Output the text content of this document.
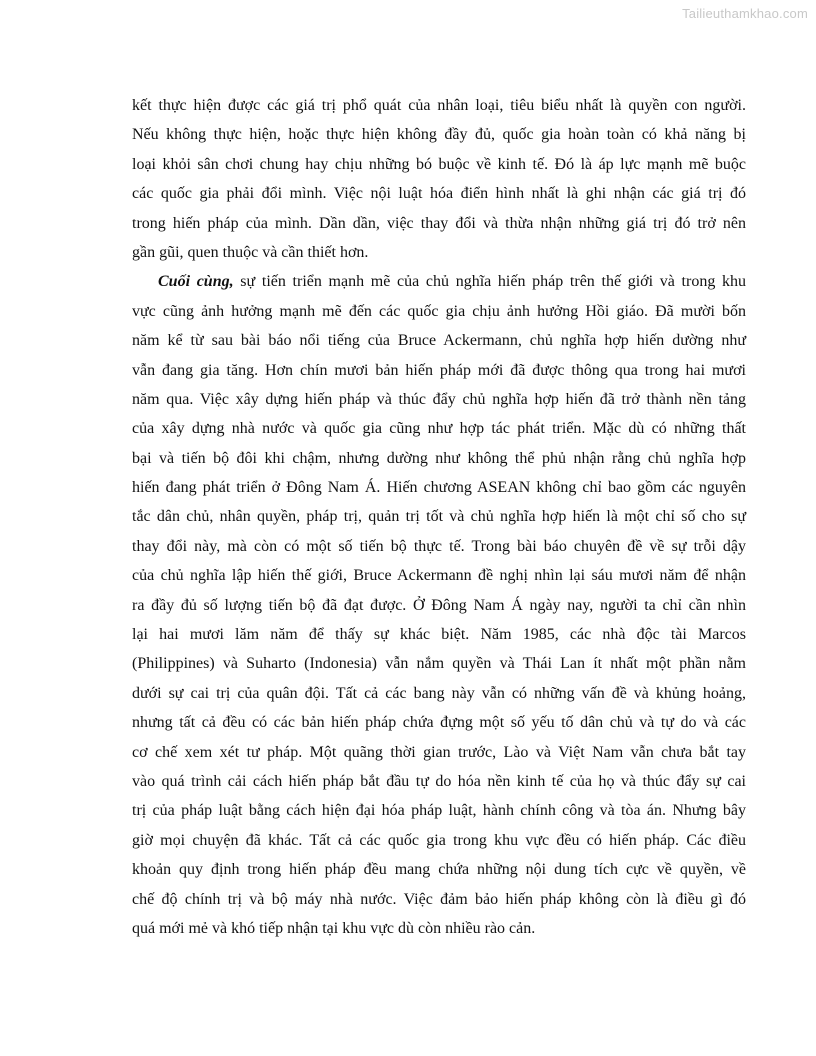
Tailieuthamkhao.com
kết thực hiện được các giá trị phổ quát của nhân loại, tiêu biểu nhất là quyền con người.
Nếu không thực hiện, hoặc thực hiện không đầy đủ, quốc gia hoàn toàn có khả năng bị
loại khỏi sân chơi chung hay chịu những bó buộc về kinh tế. Đó là áp lực mạnh mẽ buộc
các quốc gia phải đổi mình. Việc nội luật hóa điển hình nhất là ghi nhận các giá trị đó
trong hiến pháp của mình. Dần dần, việc thay đổi và thừa nhận những giá trị đó trở nên
gần gũi, quen thuộc và cần thiết hơn.
Cuối cùng, sự tiến triển mạnh mẽ của chủ nghĩa hiến pháp trên thế giới và trong khu
vực cũng ảnh hưởng mạnh mẽ đến các quốc gia chịu ảnh hưởng Hồi giáo. Đã mười bốn
năm kể từ sau bài báo nổi tiếng của Bruce Ackermann, chủ nghĩa hợp hiến dường như
vẫn đang gia tăng. Hơn chín mươi bản hiến pháp mới đã được thông qua trong hai mươi
năm qua. Việc xây dựng hiến pháp và thúc đẩy chủ nghĩa hợp hiến đã trở thành nền tảng
của xây dựng nhà nước và quốc gia cũng như hợp tác phát triển. Mặc dù có những thất
bại và tiến bộ đôi khi chậm, nhưng dường như không thể phủ nhận rằng chủ nghĩa hợp
hiến đang phát triển ở Đông Nam Á. Hiến chương ASEAN không chỉ bao gồm các nguyên
tắc dân chủ, nhân quyền, pháp trị, quản trị tốt và chủ nghĩa hợp hiến là một chỉ số cho sự
thay đổi này, mà còn có một số tiến bộ thực tế. Trong bài báo chuyên đề về sự trỗi dậy
của chủ nghĩa lập hiến thế giới, Bruce Ackermann đề nghị nhìn lại sáu mươi năm để nhận
ra đầy đủ số lượng tiến bộ đã đạt được. Ở Đông Nam Á ngày nay, người ta chỉ cần nhìn
lại hai mươi lăm năm để thấy sự khác biệt. Năm 1985, các nhà độc tài Marcos
(Philippines) và Suharto (Indonesia) vẫn nắm quyền và Thái Lan ít nhất một phần nằm
dưới sự cai trị của quân đội. Tất cả các bang này vẫn có những vấn đề và khủng hoảng,
nhưng tất cả đều có các bản hiến pháp chứa đựng một số yếu tố dân chủ và tự do và các
cơ chế xem xét tư pháp. Một quãng thời gian trước, Lào và Việt Nam vẫn chưa bắt tay
vào quá trình cải cách hiến pháp bắt đầu tự do hóa nền kinh tế của họ và thúc đẩy sự cai
trị của pháp luật bằng cách hiện đại hóa pháp luật, hành chính công và tòa án. Nhưng bây
giờ mọi chuyện đã khác. Tất cả các quốc gia trong khu vực đều có hiến pháp. Các điều
khoản quy định trong hiến pháp đều mang chứa những nội dung tích cực về quyền, về
chế độ chính trị và bộ máy nhà nước. Việc đảm bảo hiến pháp không còn là điều gì đó
quá mới mẻ và khó tiếp nhận tại khu vực dù còn nhiều rào cản.
